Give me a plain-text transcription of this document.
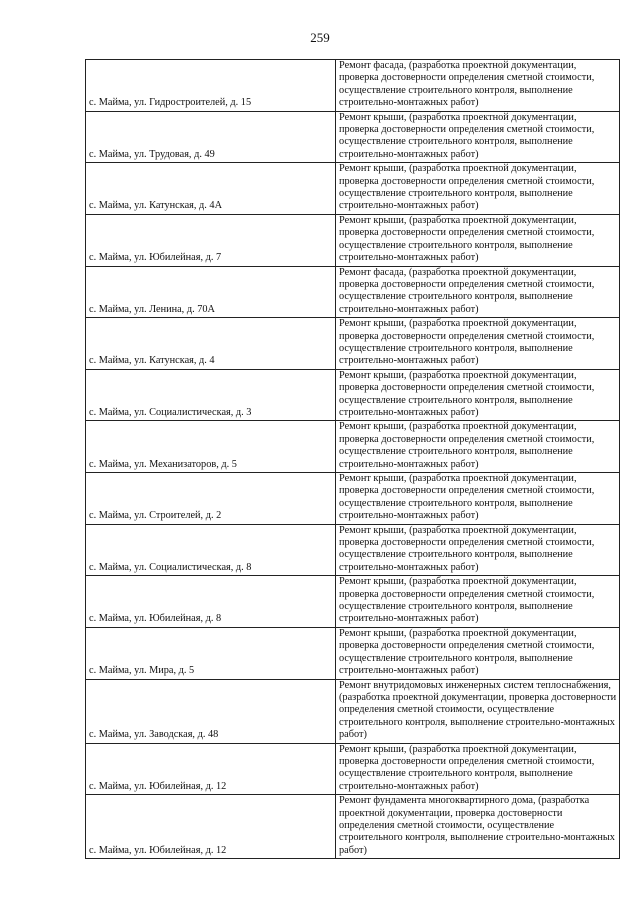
259
с. Майма, ул. Гидростроителей, д. 15	Ремонт фасада, (разработка проектной документации, проверка достоверности определения сметной стоимости, осуществление строительного контроля, выполнение строительно-монтажных работ)
с. Майма, ул. Трудовая, д. 49	Ремонт крыши, (разработка проектной документации, проверка достоверности определения сметной стоимости, осуществление строительного контроля, выполнение строительно-монтажных работ)
с. Майма, ул. Катунская, д. 4А	Ремонт крыши, (разработка проектной документации, проверка достоверности определения сметной стоимости, осуществление строительного контроля, выполнение строительно-монтажных работ)
с. Майма, ул. Юбилейная, д. 7	Ремонт крыши, (разработка проектной документации, проверка достоверности определения сметной стоимости, осуществление строительного контроля, выполнение строительно-монтажных работ)
с. Майма, ул. Ленина, д. 70А	Ремонт фасада, (разработка проектной документации, проверка достоверности определения сметной стоимости, осуществление строительного контроля, выполнение строительно-монтажных работ)
с. Майма, ул. Катунская, д. 4	Ремонт крыши, (разработка проектной документации, проверка достоверности определения сметной стоимости, осуществление строительного контроля, выполнение строительно-монтажных работ)
с. Майма, ул. Социалистическая, д. 3	Ремонт крыши, (разработка проектной документации, проверка достоверности определения сметной стоимости, осуществление строительного контроля, выполнение строительно-монтажных работ)
с. Майма, ул. Механизаторов, д. 5	Ремонт крыши, (разработка проектной документации, проверка достоверности определения сметной стоимости, осуществление строительного контроля, выполнение строительно-монтажных работ)
с. Майма, ул. Строителей, д. 2	Ремонт крыши, (разработка проектной документации, проверка достоверности определения сметной стоимости, осуществление строительного контроля, выполнение строительно-монтажных работ)
с. Майма, ул. Социалистическая, д. 8	Ремонт крыши, (разработка проектной документации, проверка достоверности определения сметной стоимости, осуществление строительного контроля, выполнение строительно-монтажных работ)
с. Майма, ул. Юбилейная, д. 8	Ремонт крыши, (разработка проектной документации, проверка достоверности определения сметной стоимости, осуществление строительного контроля, выполнение строительно-монтажных работ)
с. Майма, ул. Мира, д. 5	Ремонт крыши, (разработка проектной документации, проверка достоверности определения сметной стоимости, осуществление строительного контроля, выполнение строительно-монтажных работ)
с. Майма, ул. Заводская, д. 48	Ремонт внутридомовых инженерных систем теплоснабжения, (разработка проектной документации, проверка достоверности определения сметной стоимости, осуществление строительного контроля, выполнение строительно-монтажных работ)
с. Майма, ул. Юбилейная, д. 12	Ремонт крыши, (разработка проектной документации, проверка достоверности определения сметной стоимости, осуществление строительного контроля, выполнение строительно-монтажных работ)
с. Майма, ул. Юбилейная, д. 12	Ремонт фундамента многоквартирного дома, (разработка проектной документации, проверка достоверности определения сметной стоимости, осуществление строительного контроля, выполнение строительно-монтажных работ)
